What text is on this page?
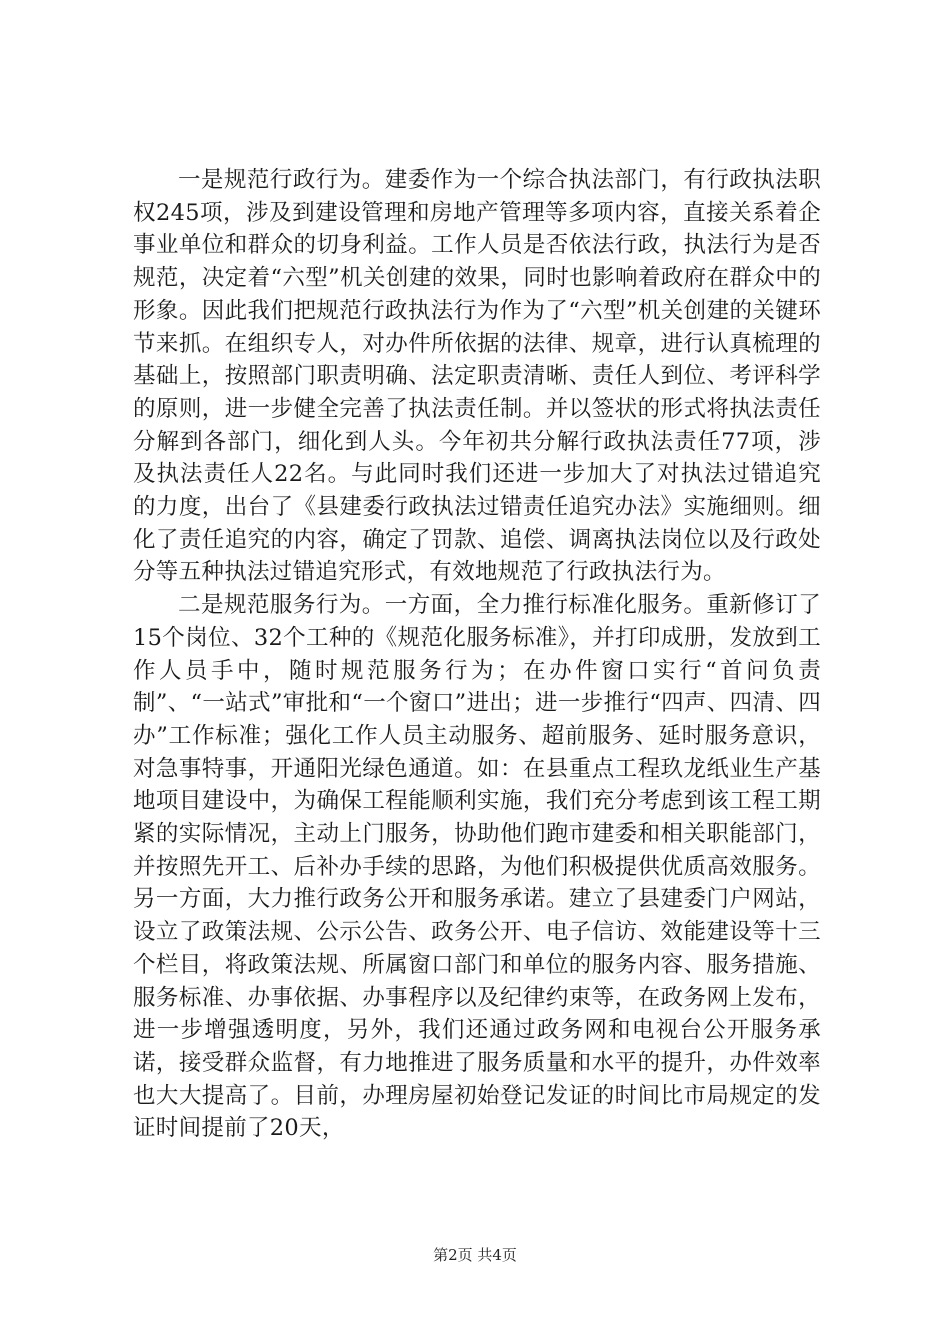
一是规范行政行为。建委作为一个综合执法部门，有行政执法职权245项，涉及到建设管理和房地产管理等多项内容，直接关系着企事业单位和群众的切身利益。工作人员是否依法行政，执法行为是否规范，决定着“六型”机关创建的效果，同时也影响着政府在群众中的形象。因此我们把规范行政执法行为作为了“六型”机关创建的关键环节来抓。在组织专人，对办件所依据的法律、规章，进行认真梳理的基础上，按照部门职责明确、法定职责清晰、责任人到位、考评科学的原则，进一步健全完善了执法责任制。并以签状的形式将执法责任分解到各部门，细化到人头。今年初共分解行政执法责任77项，涉及执法责任人22名。与此同时我们还进一步加大了对执法过错追究的力度，出台了《县建委行政执法过错责任追究办法》实施细则。细化了责任追究的内容，确定了罚款、追偿、调离执法岗位以及行政处分等五种执法过错追究形式，有效地规范了行政执法行为。

二是规范服务行为。一方面，全力推行标准化服务。重新修订了15个岗位、32个工种的《规范化服务标准》，并打印成册，发放到工作人员手中，随时规范服务行为；在办件窗口实行“首问负责制”、“一站式”审批和“一个窗口”进出；进一步推行“四声、四清、四办”工作标准；强化工作人员主动服务、超前服务、延时服务意识，对急事特事，开通阳光绿色通道。如：在县重点工程玖龙纸业生产基地项目建设中，为确保工程能顺利实施，我们充分考虑到该工程工期紧的实际情况，主动上门服务，协助他们跑市建委和相关职能部门，并按照先开工、后补办手续的思路，为他们积极提供优质高效服务。另一方面，大力推行政务公开和服务承诺。建立了县建委门户网站，设立了政策法规、公示公告、政务公开、电子信访、效能建设等十三个栏目，将政策法规、所属窗口部门和单位的服务内容、服务措施、服务标准、办事依据、办事程序以及纪律约束等，在政务网上发布，进一步增强透明度，另外，我们还通过政务网和电视台公开服务承诺，接受群众监督，有力地推进了服务质量和水平的提升，办件效率也大大提高了。目前，办理房屋初始登记发证的时间比市局规定的发证时间提前了20天，

第2页 共4页
